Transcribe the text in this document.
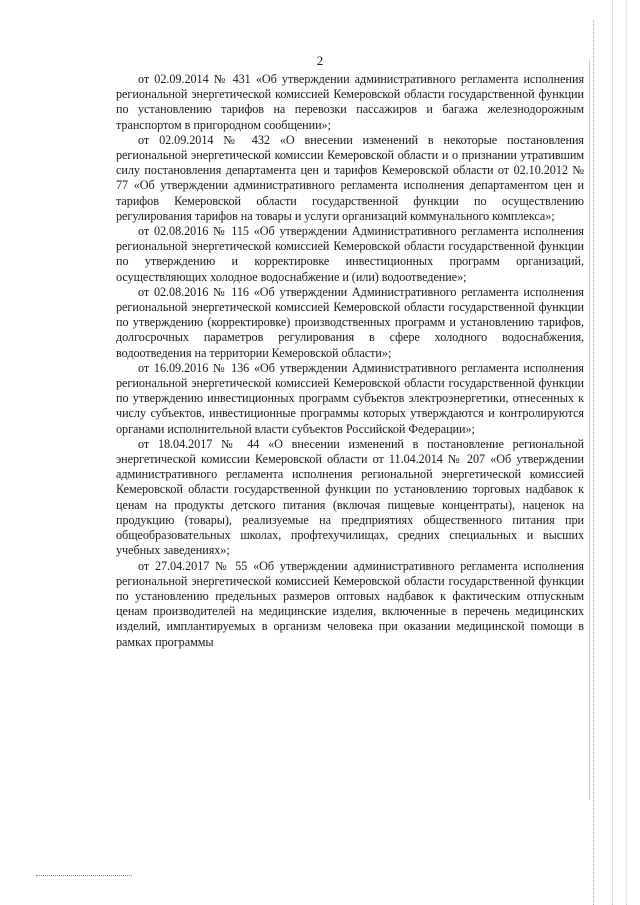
2

от 02.09.2014 № 431 «Об утверждении административного регламента исполнения региональной энергетической комиссией Кемеровской области государственной функции по установлению тарифов на перевозки пассажиров и багажа железнодорожным транспортом в пригородном сообщении»;

от 02.09.2014 № 432 «О внесении изменений в некоторые постановления региональной энергетической комиссии Кемеровской области и о признании утратившим силу постановления департамента цен и тарифов Кемеровской области от 02.10.2012 № 77 «Об утверждении административного регламента исполнения департаментом цен и тарифов Кемеровской области государственной функции по осуществлению регулирования тарифов на товары и услуги организаций коммунального комплекса»;

от 02.08.2016 № 115 «Об утверждении Административного регламента исполнения региональной энергетической комиссией Кемеровской области государственной функции по утверждению и корректировке инвестиционных программ организаций, осуществляющих холодное водоснабжение и (или) водоотведение»;

от 02.08.2016 № 116 «Об утверждении Административного регламента исполнения региональной энергетической комиссией Кемеровской области государственной функции по утверждению (корректировке) производственных программ и установлению тарифов, долгосрочных параметров регулирования в сфере холодного водоснабжения, водоотведения на территории Кемеровской области»;

от 16.09.2016 № 136 «Об утверждении Административного регламента исполнения региональной энергетической комиссией Кемеровской области государственной функции по утверждению инвестиционных программ субъектов электроэнергетики, отнесенных к числу субъектов, инвестиционные программы которых утверждаются и контролируются органами исполнительной власти субъектов Российской Федерации»;

от 18.04.2017 № 44 «О внесении изменений в постановление региональной энергетической комиссии Кемеровской области от 11.04.2014 № 207 «Об утверждении административного регламента исполнения региональной энергетической комиссией Кемеровской области государственной функции по установлению торговых надбавок к ценам на продукты детского питания (включая пищевые концентраты), наценок на продукцию (товары), реализуемые на предприятиях общественного питания при общеобразовательных школах, профтехучилищах, средних специальных и высших учебных заведениях»;

от 27.04.2017 № 55 «Об утверждении административного регламента исполнения региональной энергетической комиссией Кемеровской области государственной функции по установлению предельных размеров оптовых надбавок к фактическим отпускным ценам производителей на медицинские изделия, включенные в перечень медицинских изделий, имплантируемых в организм человека при оказании медицинской помощи в рамках программы
